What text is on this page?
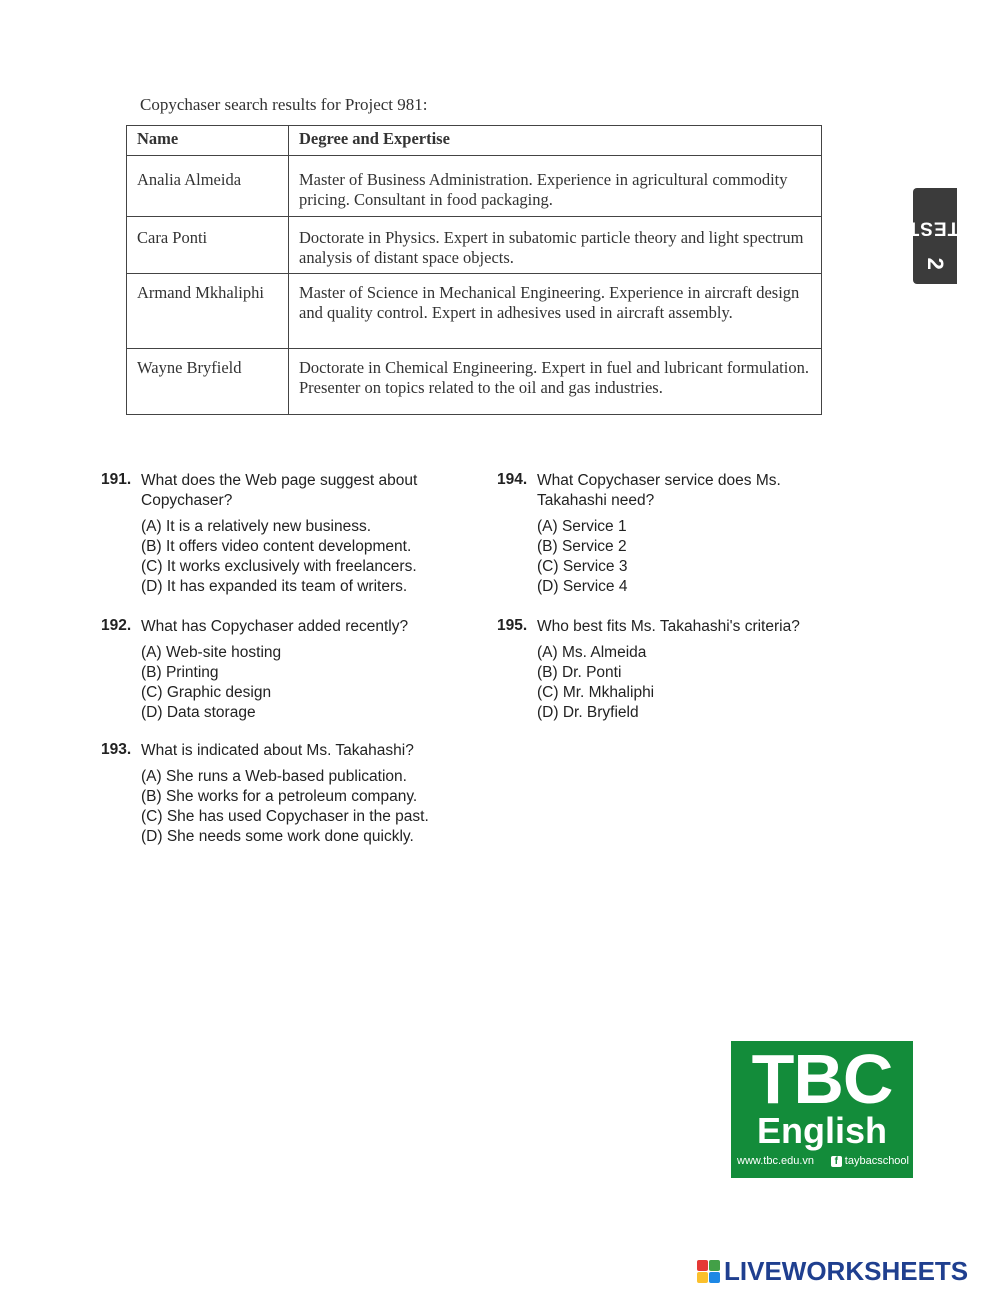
Copychaser search results for Project 981:
Name	Degree and Expertise
Analia Almeida	Master of Business Administration. Experience in agricultural commodity pricing. Consultant in food packaging.
Cara Ponti	Doctorate in Physics. Expert in subatomic particle theory and light spectrum analysis of distant space objects.
Armand Mkhaliphi	Master of Science in Mechanical Engineering. Experience in aircraft design and quality control. Expert in adhesives used in aircraft assembly.
Wayne Bryfield	Doctorate in Chemical Engineering. Expert in fuel and lubricant formulation. Presenter on topics related to the oil and gas industries.
TEST2
191. What does the Web page suggest about Copychaser?
(A) It is a relatively new business.
(B) It offers video content development.
(C) It works exclusively with freelancers.
(D) It has expanded its team of writers.
192. What has Copychaser added recently?
(A) Web-site hosting
(B) Printing
(C) Graphic design
(D) Data storage
193. What is indicated about Ms. Takahashi?
(A) She runs a Web-based publication.
(B) She works for a petroleum company.
(C) She has used Copychaser in the past.
(D) She needs some work done quickly.
194. What Copychaser service does Ms. Takahashi need?
(A) Service 1
(B) Service 2
(C) Service 3
(D) Service 4
195. Who best fits Ms. Takahashi's criteria?
(A) Ms. Almeida
(B) Dr. Ponti
(C) Mr. Mkhaliphi
(D) Dr. Bryfield
TBC
English
www.tbc.edu.vn	f taybacschool
LIVEWORKSHEETS
